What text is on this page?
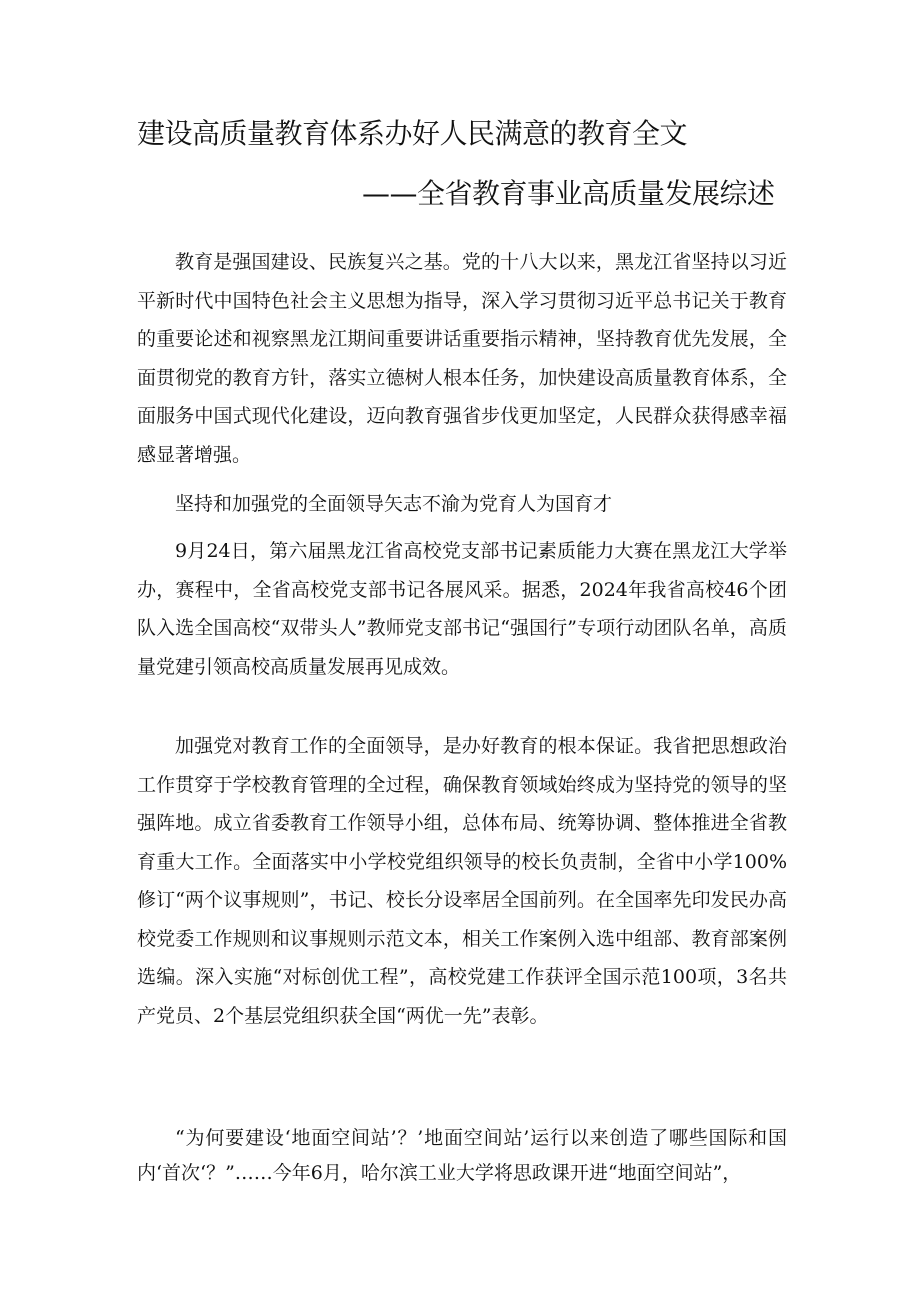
建设高质量教育体系办好人民满意的教育全文
——全省教育事业高质量发展综述

教育是强国建设、民族复兴之基。党的十八大以来，黑龙江省坚持以习近平新时代中国特色社会主义思想为指导，深入学习贯彻习近平总书记关于教育的重要论述和视察黑龙江期间重要讲话重要指示精神，坚持教育优先发展，全面贯彻党的教育方针，落实立德树人根本任务，加快建设高质量教育体系，全面服务中国式现代化建设，迈向教育强省步伐更加坚定，人民群众获得感幸福感显著增强。

坚持和加强党的全面领导矢志不渝为党育人为国育才

9月24日，第六届黑龙江省高校党支部书记素质能力大赛在黑龙江大学举办，赛程中，全省高校党支部书记各展风采。据悉，2024年我省高校46个团队入选全国高校“双带头人”教师党支部书记“强国行”专项行动团队名单，高质量党建引领高校高质量发展再见成效。

加强党对教育工作的全面领导，是办好教育的根本保证。我省把思想政治工作贯穿于学校教育管理的全过程，确保教育领域始终成为坚持党的领导的坚强阵地。成立省委教育工作领导小组，总体布局、统筹协调、整体推进全省教育重大工作。全面落实中小学校党组织领导的校长负责制，全省中小学100%修订“两个议事规则”，书记、校长分设率居全国前列。在全国率先印发民办高校党委工作规则和议事规则示范文本，相关工作案例入选中组部、教育部案例选编。深入实施“对标创优工程”，高校党建工作获评全国示范100项，3名共产党员、2个基层党组织获全国“两优一先”表彰。

“为何要建设‘地面空间站’？’地面空间站’运行以来创造了哪些国际和国内‘首次‘？”……今年6月，哈尔滨工业大学将思政课开进“地面空间站”，
